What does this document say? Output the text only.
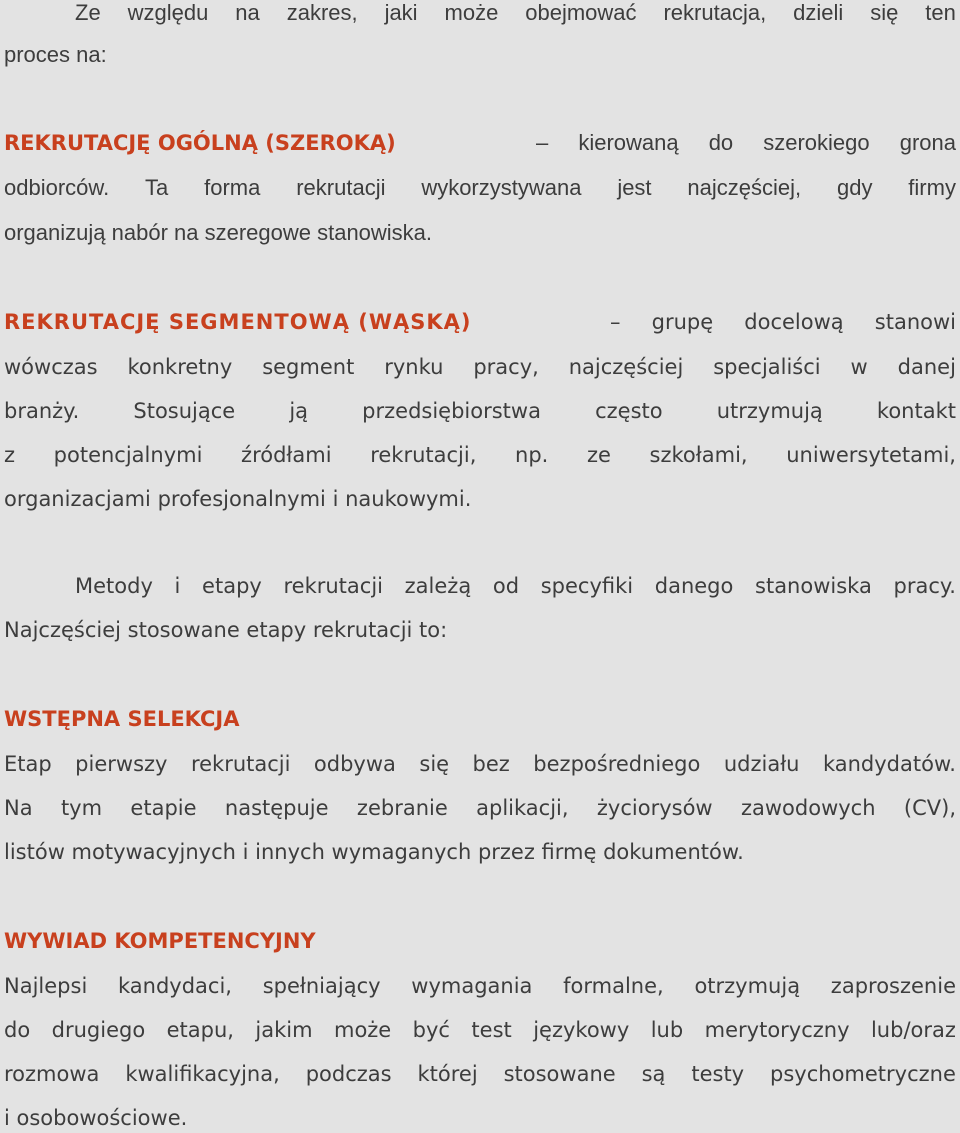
Ze względu na zakres, jaki może obejmować rekrutacja, dzieli się ten
proces na:
REKRUTACJĘ OGÓLNĄ (SZEROKĄ)	– kierowaną do szerokiego grona
odbiorców. Ta forma rekrutacji wykorzystywana jest najczęściej, gdy firmy
organizują nabór na szeregowe stanowiska.
REKRUTACJĘ SEGMENTOWĄ (WĄSKĄ)	– grupę docelową stanowi
wówczas konkretny segment rynku pracy, najczęściej specjaliści w danej
branży.	Stosujące	ją	przedsiębiorstwa	często	utrzymują	kontakt
z potencjalnymi źródłami rekrutacji, np. ze szkołami, uniwersytetami,
organizacjami profesjonalnymi i naukowymi.
Metody i etapy rekrutacji zależą od specyfiki danego stanowiska pracy.
Najczęściej stosowane etapy rekrutacji to:
WSTĘPNA SELEKCJA
Etap pierwszy rekrutacji odbywa się bez bezpośredniego udziału kandydatów.
Na tym etapie następuje zebranie aplikacji, życiorysów zawodowych (CV),
listów motywacyjnych i innych wymaganych przez firmę dokumentów.
WYWIAD KOMPETENCYJNY
Najlepsi kandydaci, spełniający wymagania formalne, otrzymują zaproszenie
do drugiego etapu, jakim może być test językowy lub merytoryczny lub/oraz
rozmowa kwalifikacyjna, podczas której stosowane są testy psychometryczne
i osobowościowe.
